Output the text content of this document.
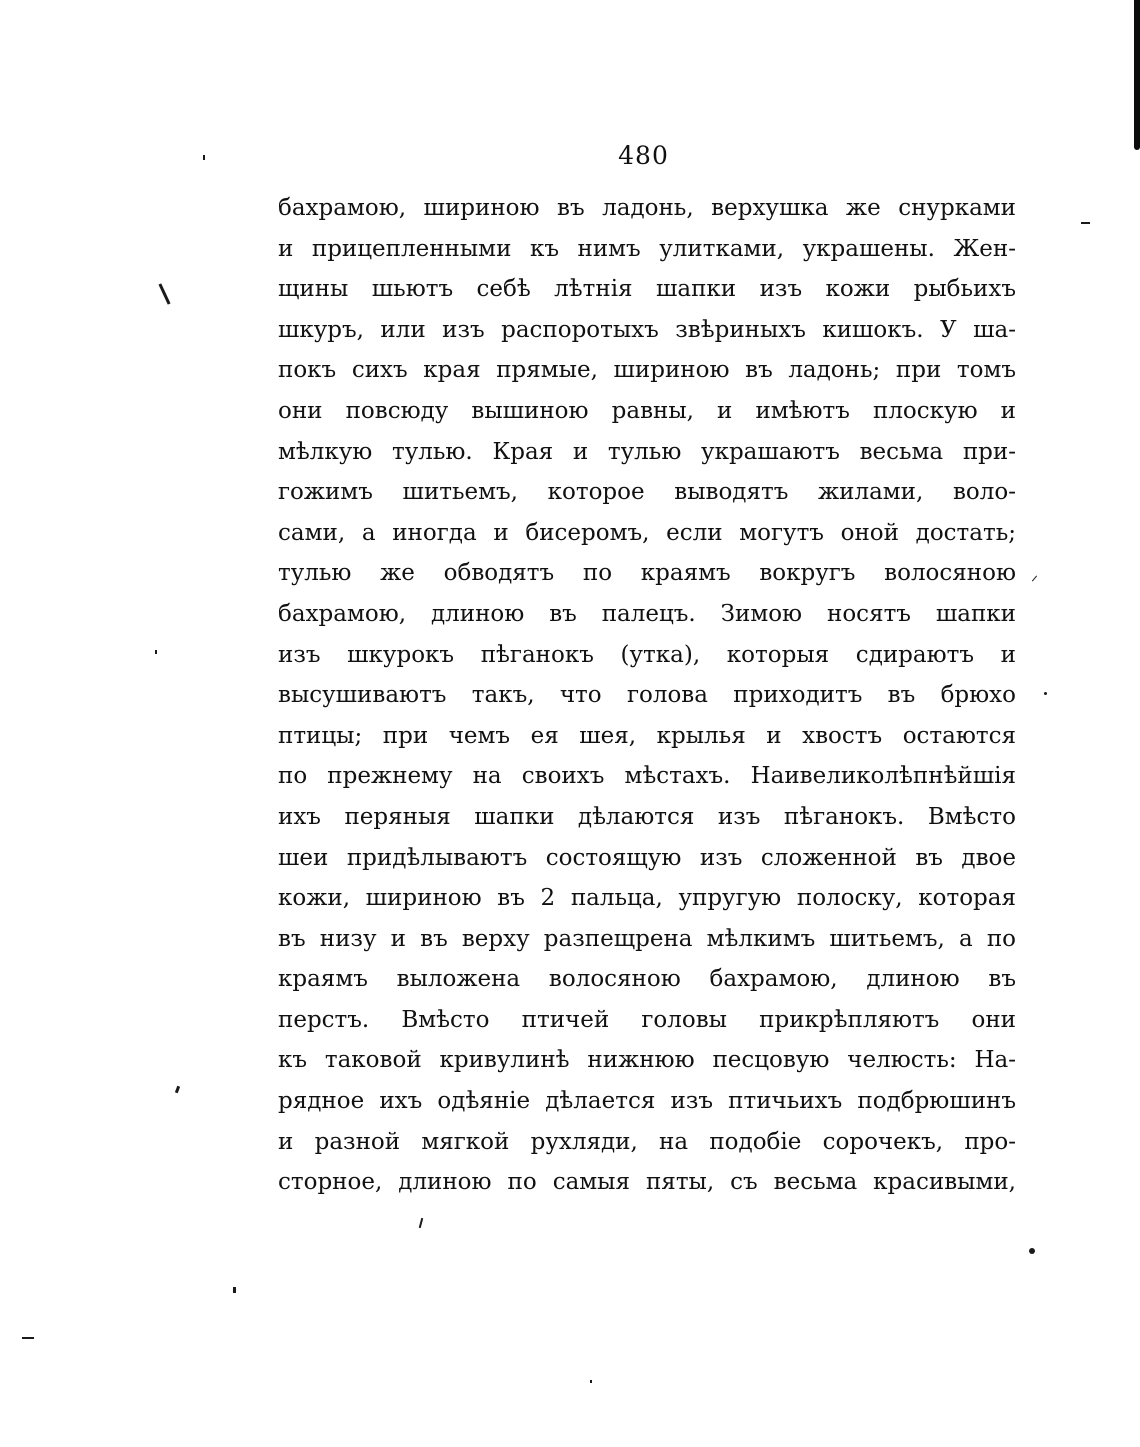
480
бахрамою, шириною въ ладонь, верхушка же снурками
и прицепленными къ нимъ улитками, украшены. Жен-
щины шьютъ себѣ лѣтнія шапки изъ кожи рыбьихъ
шкуръ, или изъ распоротыхъ звѣриныхъ кишокъ. У ша-
покъ сихъ края прямые, шириною въ ладонь; при томъ
они повсюду вышиною равны, и имѣютъ плоскую и
мѣлкую тулью. Края и тулью украшаютъ весьма при-
гожимъ шитьемъ, которое выводятъ жилами, воло-
сами, а иногда и бисеромъ, если могутъ оной достать;
тулью же обводятъ по краямъ вокругъ волосяною
бахрамою, длиною въ палецъ. Зимою носятъ шапки
изъ шкурокъ пѣганокъ (утка), которыя сдираютъ и
высушиваютъ такъ, что голова приходитъ въ брюхо
птицы; при чемъ ея шея, крылья и хвостъ остаются
по прежнему на своихъ мѣстахъ. Наивеликолѣпнѣйшія
ихъ перяныя шапки дѣлаются изъ пѣганокъ. Вмѣсто
шеи придѣлываютъ состоящую изъ сложенной въ двое
кожи, шириною въ 2 пальца, упругую полоску, которая
въ низу и въ верху разпещрена мѣлкимъ шитьемъ, а по
краямъ выложена волосяною бахрамою, длиною въ
перстъ. Вмѣсто птичей головы прикрѣпляютъ они
къ таковой кривулинѣ нижнюю песцовую челюсть: На-
рядное ихъ одѣяніе дѣлается изъ птичьихъ подбрюшинъ
и разной мягкой рухляди, на подобіе сорочекъ, про-
сторное, длиною по самыя пяты, съ весьма красивыми,
